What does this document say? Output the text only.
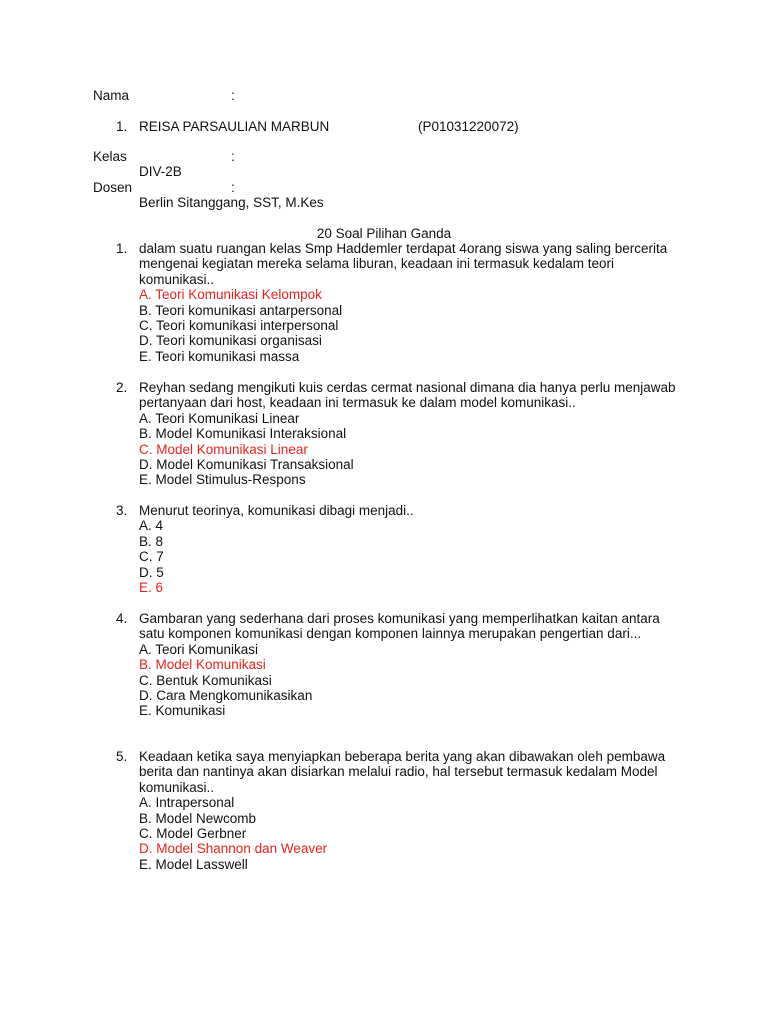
Nama	:
1. REISA PARSAULIAN MARBUN	(P01031220072)
Kelas	:
DIV-2B
Dosen	:
Berlin Sitanggang, SST, M.Kes
20 Soal Pilihan Ganda
1. dalam suatu ruangan kelas Smp Haddemler terdapat 4orang siswa yang saling bercerita mengenai kegiatan mereka selama liburan, keadaan ini termasuk kedalam teori komunikasi..

A. Teori Komunikasi Kelompok

B. Teori komunikasi antarpersonal

C. Teori komunikasi interpersonal

D. Teori komunikasi organisasi

E. Teori komunikasi massa

2. Reyhan sedang mengikuti kuis cerdas cermat nasional dimana dia hanya perlu menjawab pertanyaan dari host, keadaan ini termasuk ke dalam model komunikasi..

A. Teori Komunikasi Linear

B. Model Komunikasi Interaksional

C. Model Komunikasi Linear

D. Model Komunikasi Transaksional

E. Model Stimulus-Respons

3. Menurut teorinya, komunikasi dibagi menjadi..

A. 4

B. 8

C. 7

D. 5

E. 6

4. Gambaran yang sederhana dari proses komunikasi yang memperlihatkan kaitan antara satu komponen komunikasi dengan komponen lainnya merupakan pengertian dari...

A. Teori Komunikasi

B. Model Komunikasi

C. Bentuk Komunikasi

D. Cara Mengkomunikasikan

E. Komunikasi

5. Keadaan ketika saya menyiapkan beberapa berita yang akan dibawakan oleh pembawa berita dan nantinya akan disiarkan melalui radio, hal tersebut termasuk kedalam Model komunikasi..

A. Intrapersonal

B. Model Newcomb

C. Model Gerbner

D. Model Shannon dan Weaver

E. Model Lasswell
